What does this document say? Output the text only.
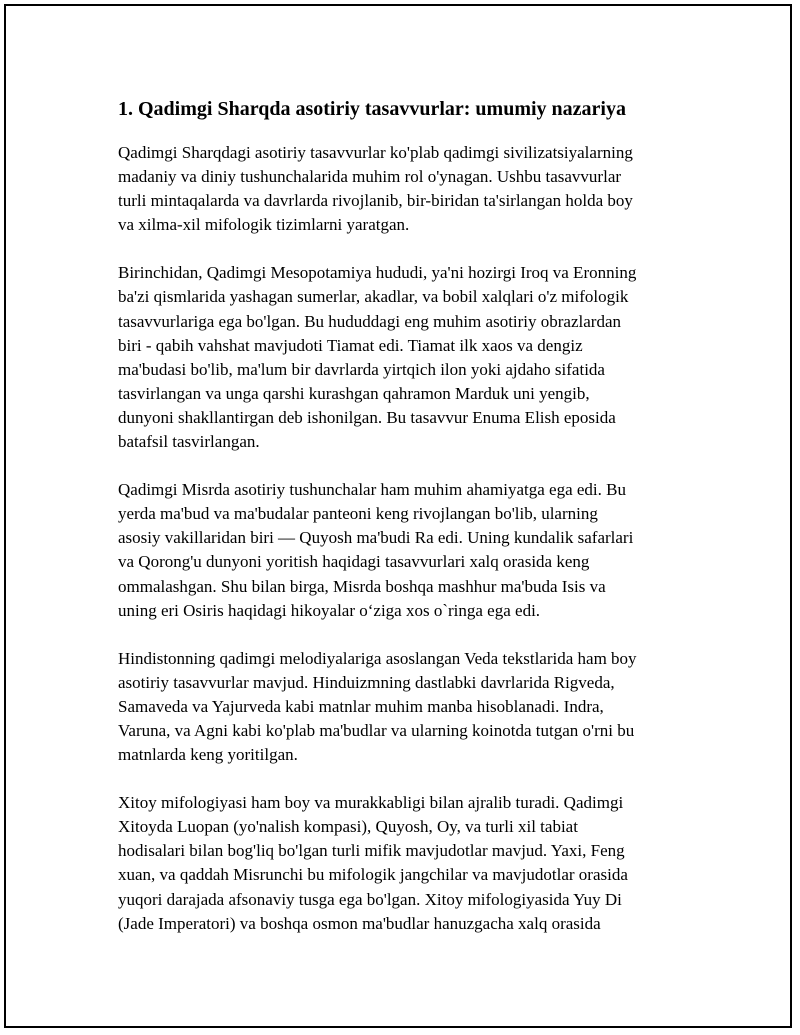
1. Qadimgi Sharqda asotiriy tasavvurlar: umumiy nazariya
Qadimgi Sharqdagi asotiriy tasavvurlar ko'plab qadimgi sivilizatsiyalarning
madaniy va diniy tushunchalarida muhim rol o'ynagan. Ushbu tasavvurlar
turli mintaqalarda va davrlarda rivojlanib, bir-biridan ta'sirlangan holda boy
va xilma-xil mifologik tizimlarni yaratgan.
Birinchidan, Qadimgi Mesopotamiya hududi, ya'ni hozirgi Iroq va Eronning
ba'zi qismlarida yashagan sumerlar, akadlar, va bobil xalqlari o'z mifologik
tasavvurlariga ega bo'lgan. Bu hududdagi eng muhim asotiriy obrazlardan
biri - qabih vahshat mavjudoti Tiamat edi. Tiamat ilk xaos va dengiz
ma'budasi bo'lib, ma'lum bir davrlarda yirtqich ilon yoki ajdaho sifatida
tasvirlangan va unga qarshi kurashgan qahramon Marduk uni yengib,
dunyoni shakllantirgan deb ishonilgan. Bu tasavvur Enuma Elish eposida
batafsil tasvirlangan.
Qadimgi Misrda asotiriy tushunchalar ham muhim ahamiyatga ega edi. Bu
yerda ma'bud va ma'budalar panteoni keng rivojlangan bo'lib, ularning
asosiy vakillaridan biri — Quyosh ma'budi Ra edi. Uning kundalik safarlari
va Qorong'u dunyoni yoritish haqidagi tasavvurlari xalq orasida keng
ommalashgan. Shu bilan birga, Misrda boshqa mashhur ma'buda Isis va
uning eri Osiris haqidagi hikoyalar o‘ziga xos o`ringa ega edi.
Hindistonning qadimgi melodiyalariga asoslangan Veda tekstlarida ham boy
asotiriy tasavvurlar mavjud. Hinduizmning dastlabki davrlarida Rigveda,
Samaveda va Yajurveda kabi matnlar muhim manba hisoblanadi. Indra,
Varuna, va Agni kabi ko'plab ma'budlar va ularning koinotda tutgan o'rni bu
matnlarda keng yoritilgan.
Xitoy mifologiyasi ham boy va murakkabligi bilan ajralib turadi. Qadimgi
Xitoyda Luopan (yo'nalish kompasi), Quyosh, Oy, va turli xil tabiat
hodisalari bilan bog'liq bo'lgan turli mifik mavjudotlar mavjud. Yaxi, Feng
xuan, va qaddah Misrunchi bu mifologik jangchilar va mavjudotlar orasida
yuqori darajada afsonaviy tusga ega bo'lgan. Xitoy mifologiyasida Yuy Di
(Jade Imperatori) va boshqa osmon ma'budlar hanuzgacha xalq orasida
